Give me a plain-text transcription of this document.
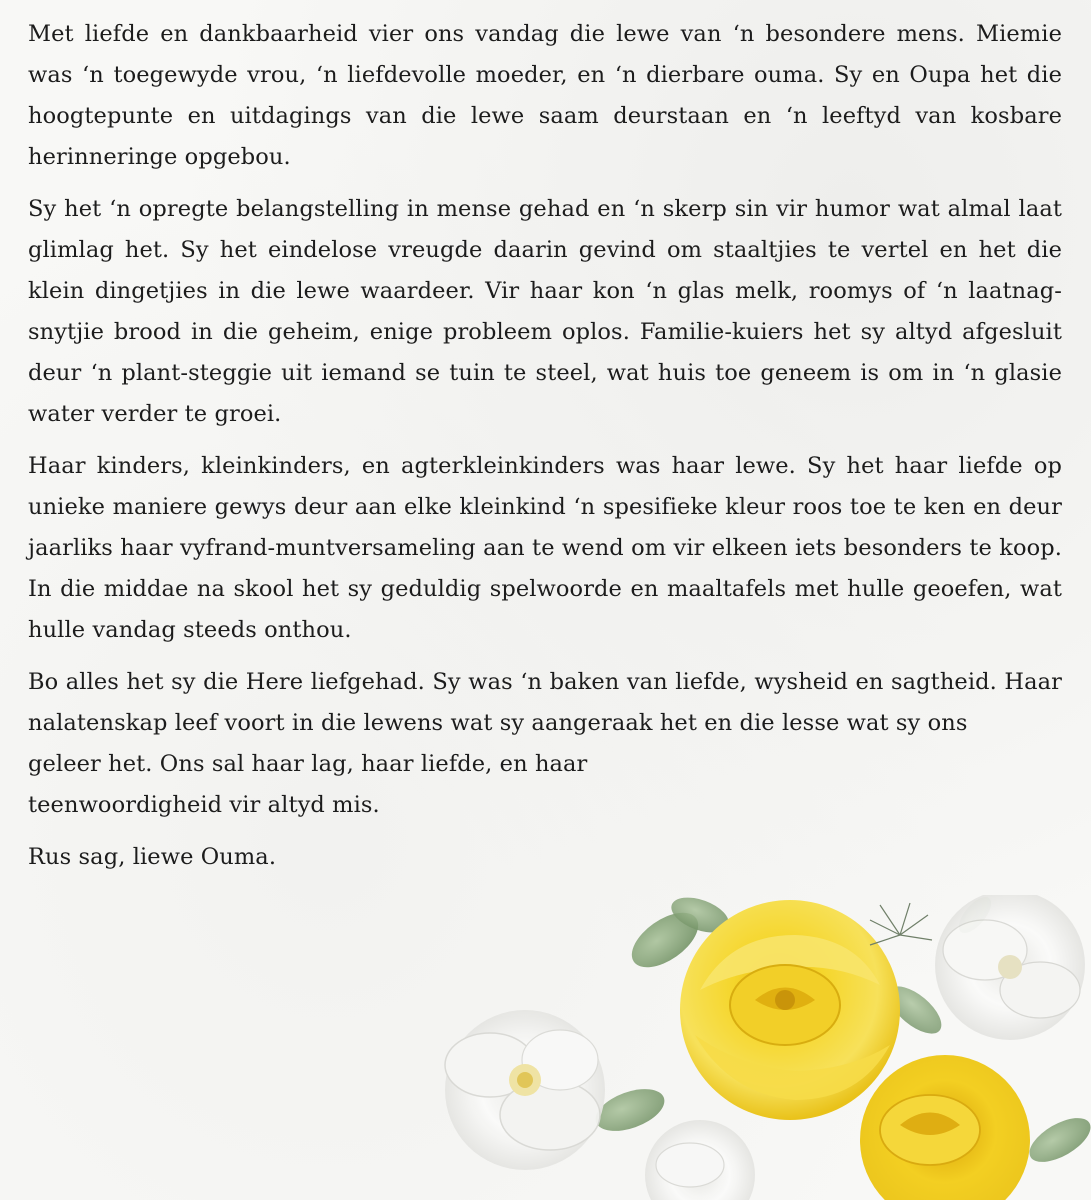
Met liefde en dankbaarheid vier ons vandag die lewe van ‘n besondere mens. Miemie was ‘n toegewyde vrou, ‘n liefdevolle moeder, en ‘n dierbare ouma. Sy en Oupa het die hoogtepunte en uitdagings van die lewe saam deurstaan en ‘n leeftyd van kosbare herinneringe opgebou.

Sy het ‘n opregte belangstelling in mense gehad en ‘n skerp sin vir humor wat almal laat glimlag het. Sy het eindelose vreugde daarin gevind om staaltjies te vertel en het die klein dingetjies in die lewe waardeer. Vir haar kon ‘n glas melk, roomys of ‘n laatnag-snytjie brood in die geheim, enige probleem oplos. Familie-kuiers het sy altyd afgesluit deur ‘n plant-steggie uit iemand se tuin te steel, wat huis toe geneem is om in ‘n glasie water verder te groei.

Haar kinders, kleinkinders, en agterkleinkinders was haar lewe. Sy het haar liefde op unieke maniere gewys deur aan elke kleinkind ‘n spesifieke kleur roos toe te ken en deur jaarliks haar vyfrand-muntversameling aan te wend om vir elkeen iets besonders te koop. In die middae na skool het sy geduldig spelwoorde en maaltafels met hulle geoefen, wat hulle vandag steeds onthou.

Bo alles het sy die Here liefgehad. Sy was ‘n baken van liefde, wysheid en sagtheid. Haar nalatenskap leef voort in die lewens wat sy aangeraak het en die lesse wat sy ons

geleer het. Ons sal haar lag, haar liefde, en haar teenwoordigheid vir altyd mis.

Rus sag, liewe Ouma.
